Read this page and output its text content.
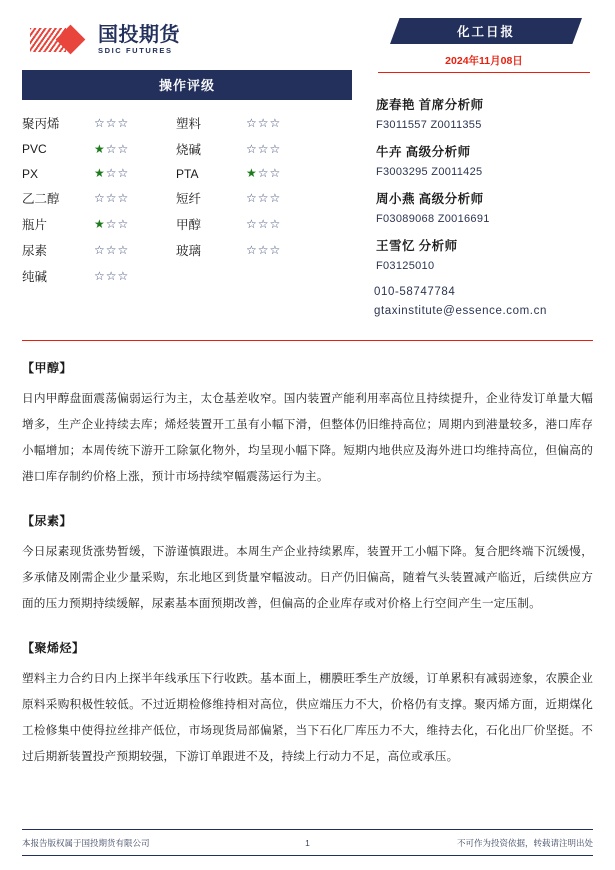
国投期货
SDIC FUTURES
操作评级
聚丙烯	☆☆☆	塑料	☆☆☆
PVC	★☆☆	烧碱	☆☆☆
PX	★☆☆	PTA	★☆☆
乙二醇	☆☆☆	短纤	☆☆☆
瓶片	★☆☆	甲醇	☆☆☆
尿素	☆☆☆	玻璃	☆☆☆
纯碱	☆☆☆		
化工日报
2024年11月08日

庞春艳 首席分析师

F3011557 Z0011355

牛卉 高级分析师

F3003295 Z0011425

周小燕 高级分析师

F03089068 Z0016691

王雪忆 分析师

F03125010

010-58747784
gtaxinstitute@essence.com.cn

【甲醇】

日内甲醇盘面震荡偏弱运行为主，太仓基差收窄。国内装置产能利用率高位且持续提升，企业待发订单量大幅增多，生产企业持续去库；烯烃装置开工虽有小幅下滑，但整体仍旧维持高位；周期内到港量较多，港口库存小幅增加；本周传统下游开工除氯化物外，均呈现小幅下降。短期内地供应及海外进口均维持高位，但偏高的港口库存制约价格上涨，预计市场持续窄幅震荡运行为主。

【尿素】

今日尿素现货涨势暂缓，下游谨慎跟进。本周生产企业持续累库，装置开工小幅下降。复合肥终端下沉缓慢，多承储及刚需企业少量采购，东北地区到货量窄幅波动。日产仍旧偏高，随着气头装置减产临近，后续供应方面的压力预期持续缓解，尿素基本面预期改善，但偏高的企业库存或对价格上行空间产生一定压制。

【聚烯烃】

塑料主力合约日内上探半年线承压下行收跌。基本面上，棚膜旺季生产放缓，订单累积有减弱迹象，农膜企业原料采购积极性较低。不过近期检修维持相对高位，供应端压力不大，价格仍有支撑。聚丙烯方面，近期煤化工检修集中使得拉丝排产低位，市场现货局部偏紧，当下石化厂库压力不大，维持去化，石化出厂价坚挺。不过后期新装置投产预期较强，下游订单跟进不及，持续上行动力不足，高位或承压。

本报告版权属于国投期货有限公司	1	不可作为投资依据，转载请注明出处
